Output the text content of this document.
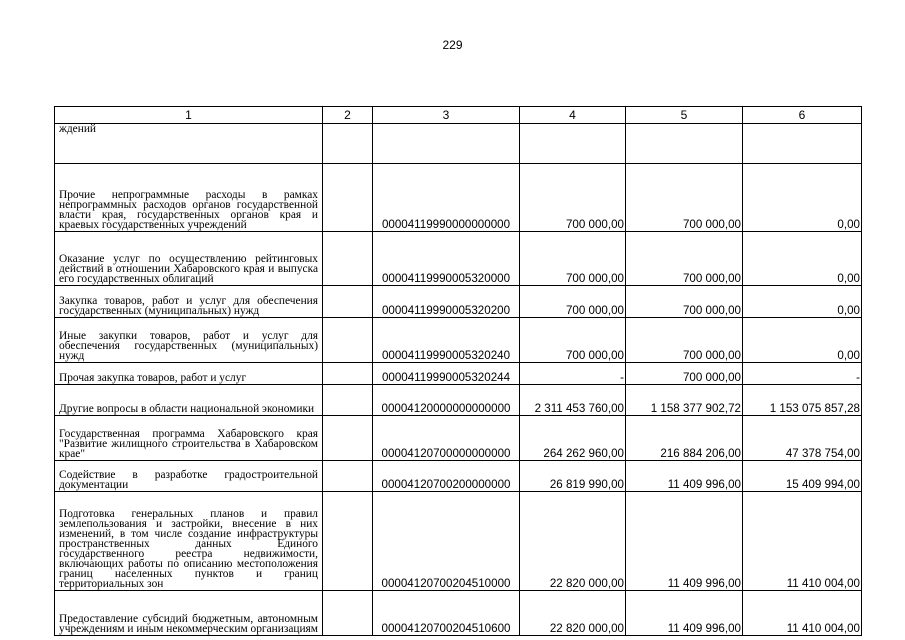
229
1	2	3	4	5	6
ждений					
Прочие непрограммные расходы в рамках непрограммных расходов органов государственной власти края, государственных органов края и краевых государственных учреждений		00004119990000000000	700 000,00	700 000,00	0,00
Оказание услуг по осуществлению рейтинговых действий в отношении Хабаровского края и выпуска его государственных облигаций		00004119990005320000	700 000,00	700 000,00	0,00
Закупка товаров, работ и услуг для обеспечения государственных (муниципальных) нужд		00004119990005320200	700 000,00	700 000,00	0,00
Иные закупки товаров, работ и услуг для обеспечения государственных (муниципальных) нужд		00004119990005320240	700 000,00	700 000,00	0,00
Прочая закупка товаров, работ и услуг		00004119990005320244	-	700 000,00	-
Другие вопросы в области национальной экономики		00004120000000000000	2 311 453 760,00	1 158 377 902,72	1 153 075 857,28
Государственная программа Хабаровского края "Развитие жилищного строительства в Хабаровском крае"		00004120700000000000	264 262 960,00	216 884 206,00	47 378 754,00
Содействие в разработке градостроительной документации		00004120700200000000	26 819 990,00	11 409 996,00	15 409 994,00
Подготовка генеральных планов и правил землепользования и застройки, внесение в них изменений, в том числе создание инфраструктуры пространственных данных Единого государственного реестра недвижимости, включающих работы по описанию местоположения границ населенных пунктов и границ территориальных зон		00004120700204510000	22 820 000,00	11 409 996,00	11 410 004,00
Предоставление субсидий бюджетным, автономным учреждениям и иным некоммерческим организациям		00004120700204510600	22 820 000,00	11 409 996,00	11 410 004,00
